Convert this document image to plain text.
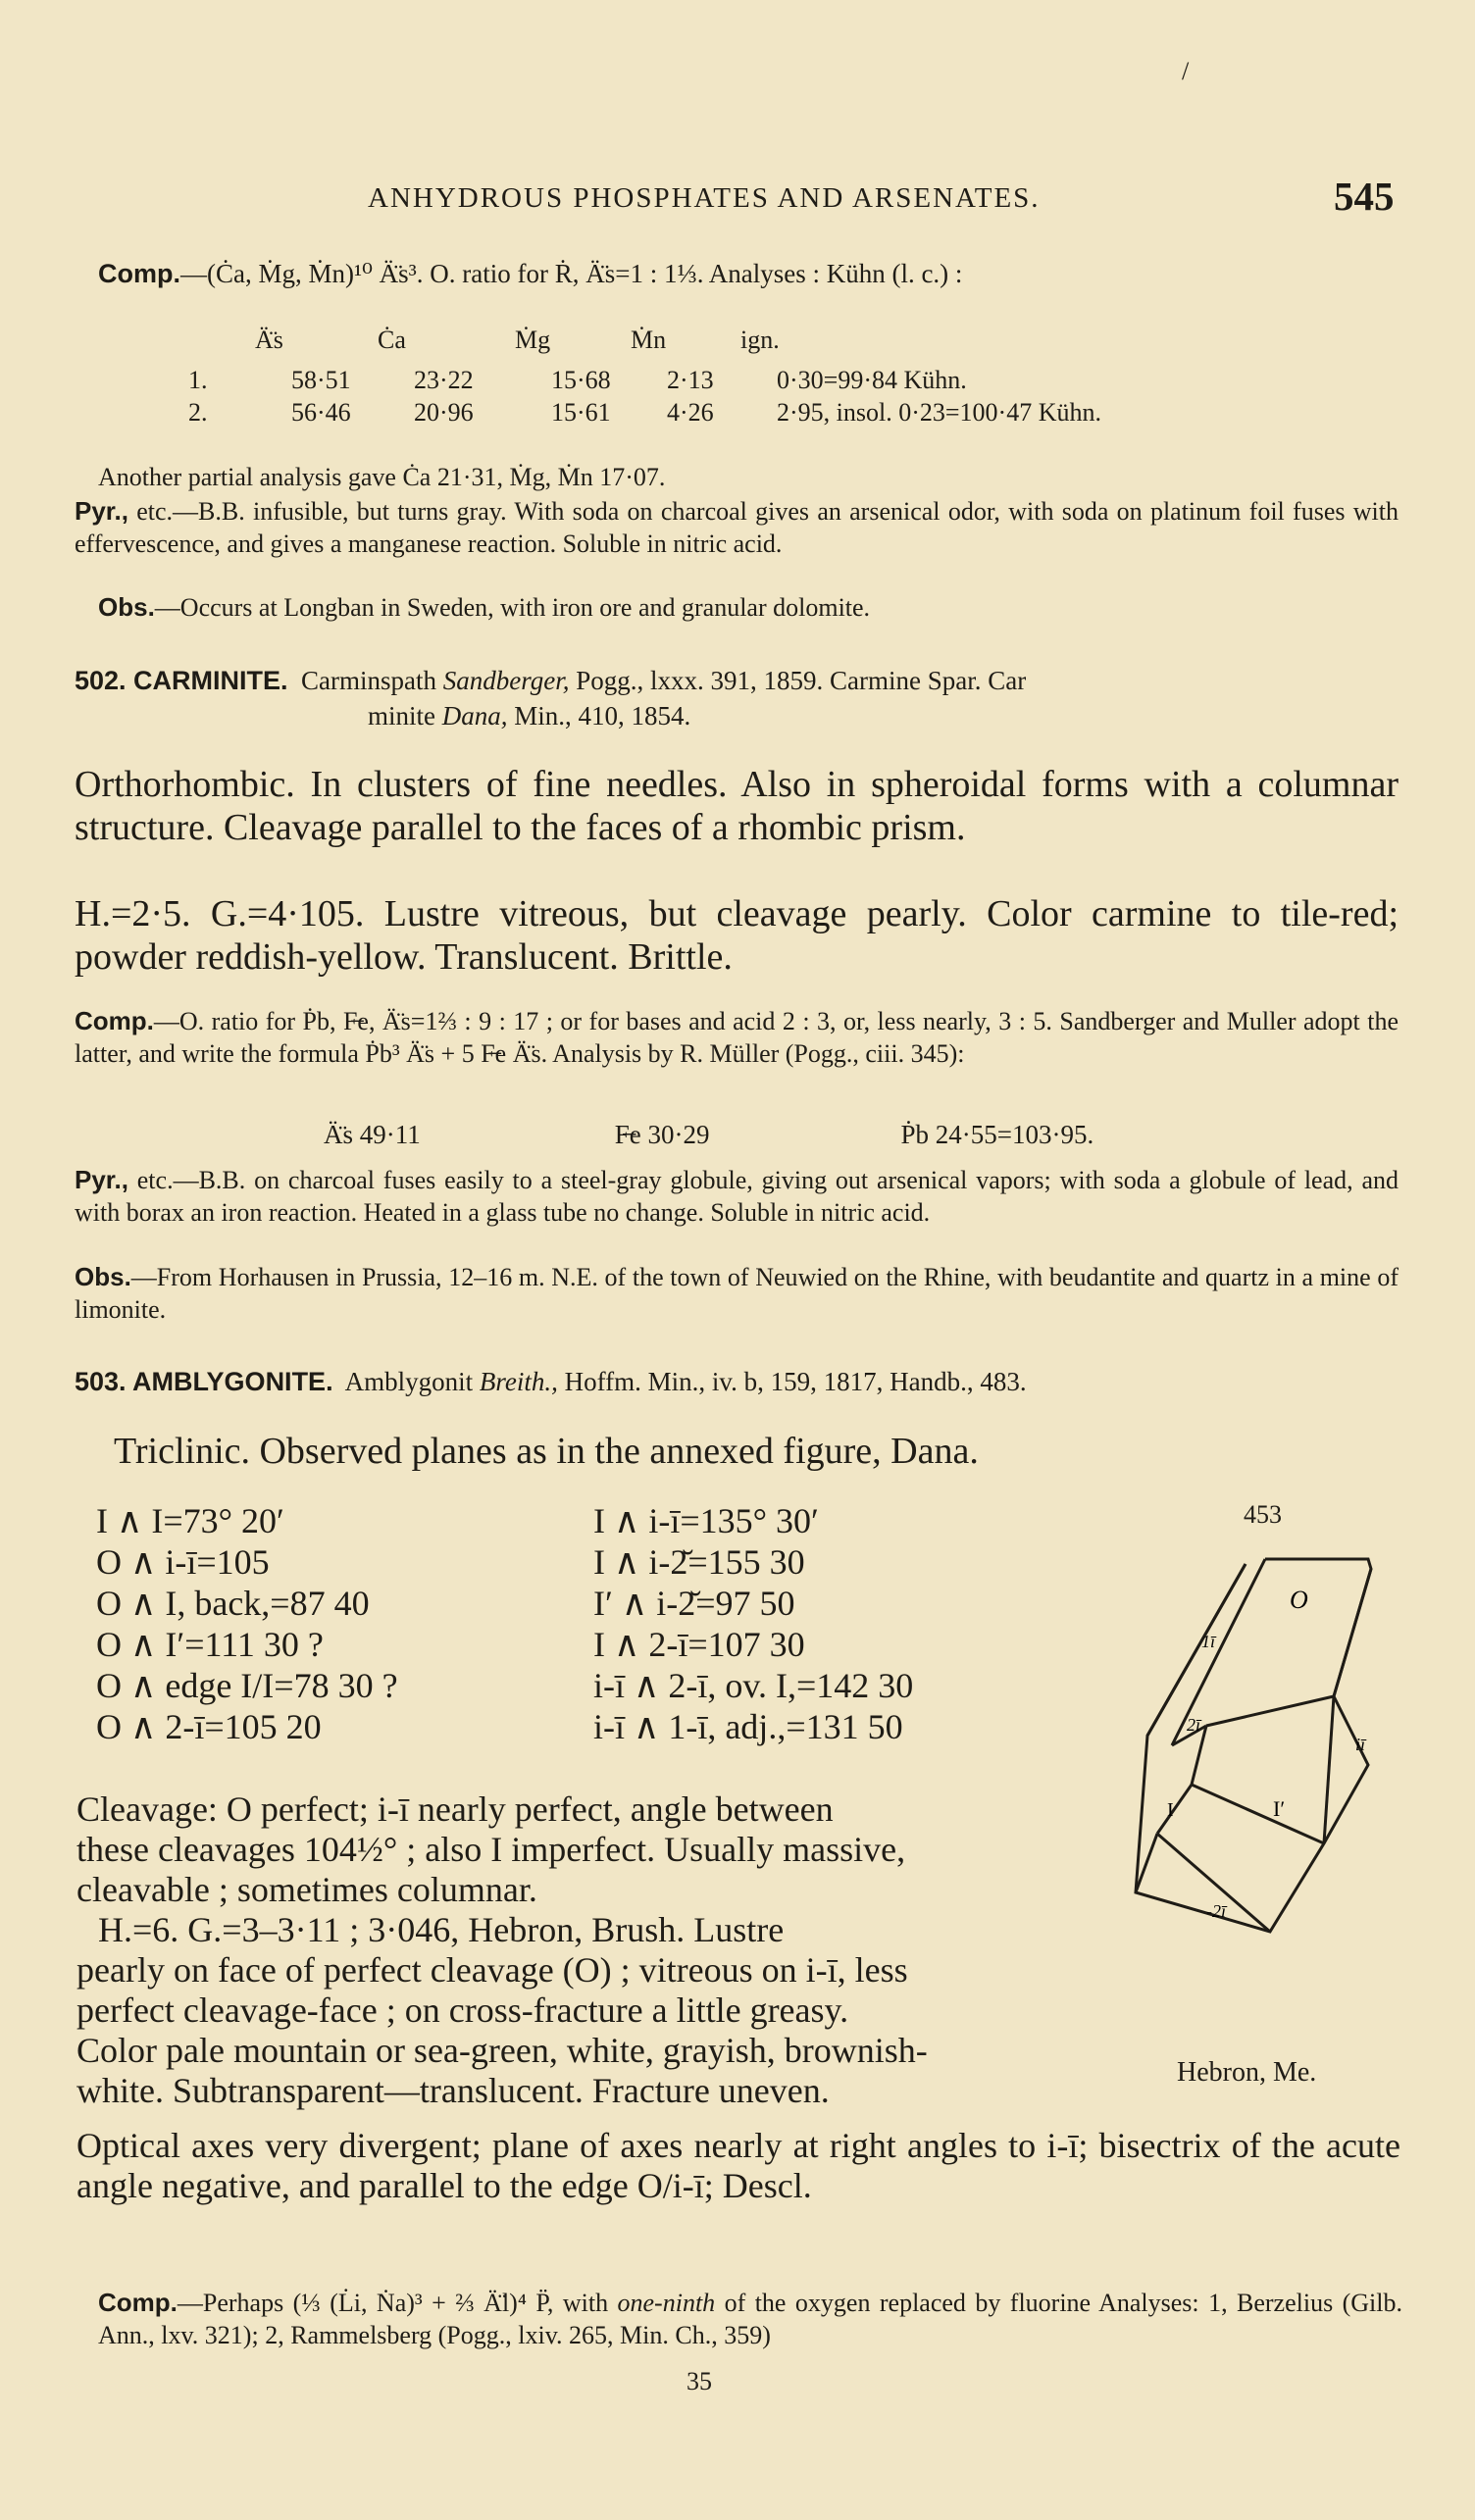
/
ANHYDROUS PHOSPHATES AND ARSENATES.	545
Comp.—(Ċa, Ṁg, Ṁn)¹⁰ Ä̈s³. O. ratio for Ṙ, Ä̈s=1 : 1⅓. Analyses : Kühn (l. c.) :
Ä̈s	Ċa	Ṁg	Ṁn	ign.
1.	58·51	23·22	15·68	2·13	0·30=99·84 Kühn.
2.	56·46	20·96	15·61	4·26	2·95, insol. 0·23=100·47 Kühn.
Another partial analysis gave Ċa 21·31, Ṁg, Ṁn 17·07.
Pyr., etc.—B.B. infusible, but turns gray. With soda on charcoal gives an arsenical odor, with soda on platinum foil fuses with effervescence, and gives a manganese reaction. Soluble in nitric acid.
Obs.—Occurs at Longban in Sweden, with iron ore and granular dolomite.
502. CARMINITE. Carminspath Sandberger, Pogg., lxxx. 391, 1859. Carmine Spar. Car
minite Dana, Min., 410, 1854.
Orthorhombic. In clusters of fine needles. Also in spheroidal forms with a columnar structure. Cleavage parallel to the faces of a rhombic prism.
H.=2·5. G.=4·105. Lustre vitreous, but cleavage pearly. Color carmine to tile-red; powder reddish-yellow. Translucent. Brittle.
Comp.—O. ratio for Ṗb, F̶e, Ä̈s=1⅔ : 9 : 17 ; or for bases and acid 2 : 3, or, less nearly, 3 : 5. Sandberger and Muller adopt the latter, and write the formula Ṗb³ Ä̈s + 5 F̶e Ä̈s. Analysis by R. Müller (Pogg., ciii. 345):
Ä̈s 49·11	F̶e 30·29	Ṗb 24·55=103·95.
Pyr., etc.—B.B. on charcoal fuses easily to a steel-gray globule, giving out arsenical vapors; with soda a globule of lead, and with borax an iron reaction. Heated in a glass tube no change. Soluble in nitric acid.
Obs.—From Horhausen in Prussia, 12–16 m. N.E. of the town of Neuwied on the Rhine, with beudantite and quartz in a mine of limonite.
503. AMBLYGONITE. Amblygonit Breith., Hoffm. Min., iv. b, 159, 1817, Handb., 483.
Triclinic. Observed planes as in the annexed figure, Dana.
I ∧ I=73° 20′
O ∧ i-ī=105
O ∧ I, back,=87 40
O ∧ I′=111 30 ?
O ∧ edge I/I=78 30 ?
O ∧ 2-ī=105 20
I ∧ i-ī=135° 30′
I ∧ i-2̆=155 30
I′ ∧ i-2̆=97 50
I ∧ 2-ī=107 30
i-ī ∧ 2-ī, ov. I,=142 30
i-ī ∧ 1-ī, adj.,=131 50
Cleavage: O perfect; i-ī nearly perfect, angle between
these cleavages 104½° ; also I imperfect. Usually massive,
cleavable ; sometimes columnar.
H.=6. G.=3–3·11 ; 3·046, Hebron, Brush. Lustre
pearly on face of perfect cleavage (O) ; vitreous on i-ī, less
perfect cleavage-face ; on cross-fracture a little greasy.
Color pale mountain or sea-green, white, grayish, brownish-
white. Subtransparent—translucent. Fracture uneven.
Optical axes very divergent; plane of axes nearly at right angles to i-ī; bisectrix of the acute angle negative, and parallel to the edge O/i-ī; Descl.
Comp.—Perhaps (⅓ (L̇i, Ṅa)³ + ⅔ Ä̈l)⁴ P̈, with one-ninth of the oxygen replaced by fluorine Analyses: 1, Berzelius (Gilb. Ann., lxv. 321); 2, Rammelsberg (Pogg., lxiv. 265, Min. Ch., 359)
35
453
O
1ī
2ī
iī
I	I′
-2ī
Hebron, Me.
